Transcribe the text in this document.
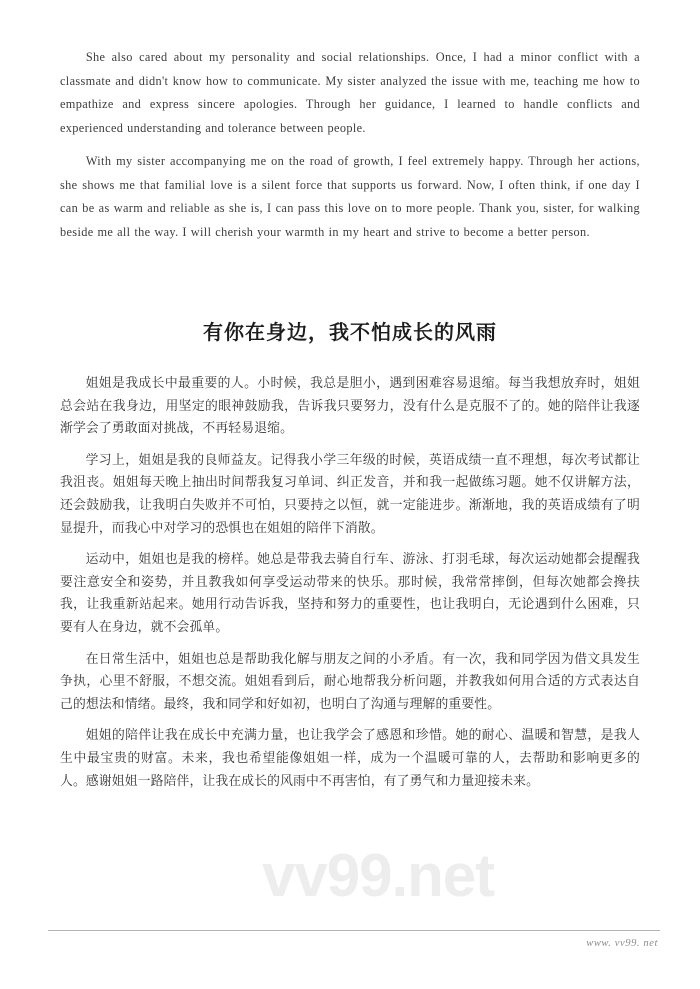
vv99.net

She also cared about my personality and social relationships. Once, I had a minor conflict with a classmate and didn't know how to communicate. My sister analyzed the issue with me, teaching me how to empathize and express sincere apologies. Through her guidance, I learned to handle conflicts and experienced understanding and tolerance between people.

With my sister accompanying me on the road of growth, I feel extremely happy. Through her actions, she shows me that familial love is a silent force that supports us forward. Now, I often think, if one day I can be as warm and reliable as she is, I can pass this love on to more people. Thank you, sister, for walking beside me all the way. I will cherish your warmth in my heart and strive to become a better person.

有你在身边，我不怕成长的风雨

姐姐是我成长中最重要的人。小时候，我总是胆小，遇到困难容易退缩。每当我想放弃时，姐姐总会站在我身边，用坚定的眼神鼓励我，告诉我只要努力，没有什么是克服不了的。她的陪伴让我逐渐学会了勇敢面对挑战，不再轻易退缩。

学习上，姐姐是我的良师益友。记得我小学三年级的时候，英语成绩一直不理想，每次考试都让我沮丧。姐姐每天晚上抽出时间帮我复习单词、纠正发音，并和我一起做练习题。她不仅讲解方法，还会鼓励我，让我明白失败并不可怕，只要持之以恒，就一定能进步。渐渐地，我的英语成绩有了明显提升，而我心中对学习的恐惧也在姐姐的陪伴下消散。

运动中，姐姐也是我的榜样。她总是带我去骑自行车、游泳、打羽毛球，每次运动她都会提醒我要注意安全和姿势，并且教我如何享受运动带来的快乐。那时候，我常常摔倒，但每次她都会搀扶我，让我重新站起来。她用行动告诉我，坚持和努力的重要性，也让我明白，无论遇到什么困难，只要有人在身边，就不会孤单。

在日常生活中，姐姐也总是帮助我化解与朋友之间的小矛盾。有一次，我和同学因为借文具发生争执，心里不舒服，不想交流。姐姐看到后，耐心地帮我分析问题，并教我如何用合适的方式表达自己的想法和情绪。最终，我和同学和好如初，也明白了沟通与理解的重要性。

姐姐的陪伴让我在成长中充满力量，也让我学会了感恩和珍惜。她的耐心、温暖和智慧，是我人生中最宝贵的财富。未来，我也希望能像姐姐一样，成为一个温暖可靠的人，去帮助和影响更多的人。感谢姐姐一路陪伴，让我在成长的风雨中不再害怕，有了勇气和力量迎接未来。

www. vv99. net
